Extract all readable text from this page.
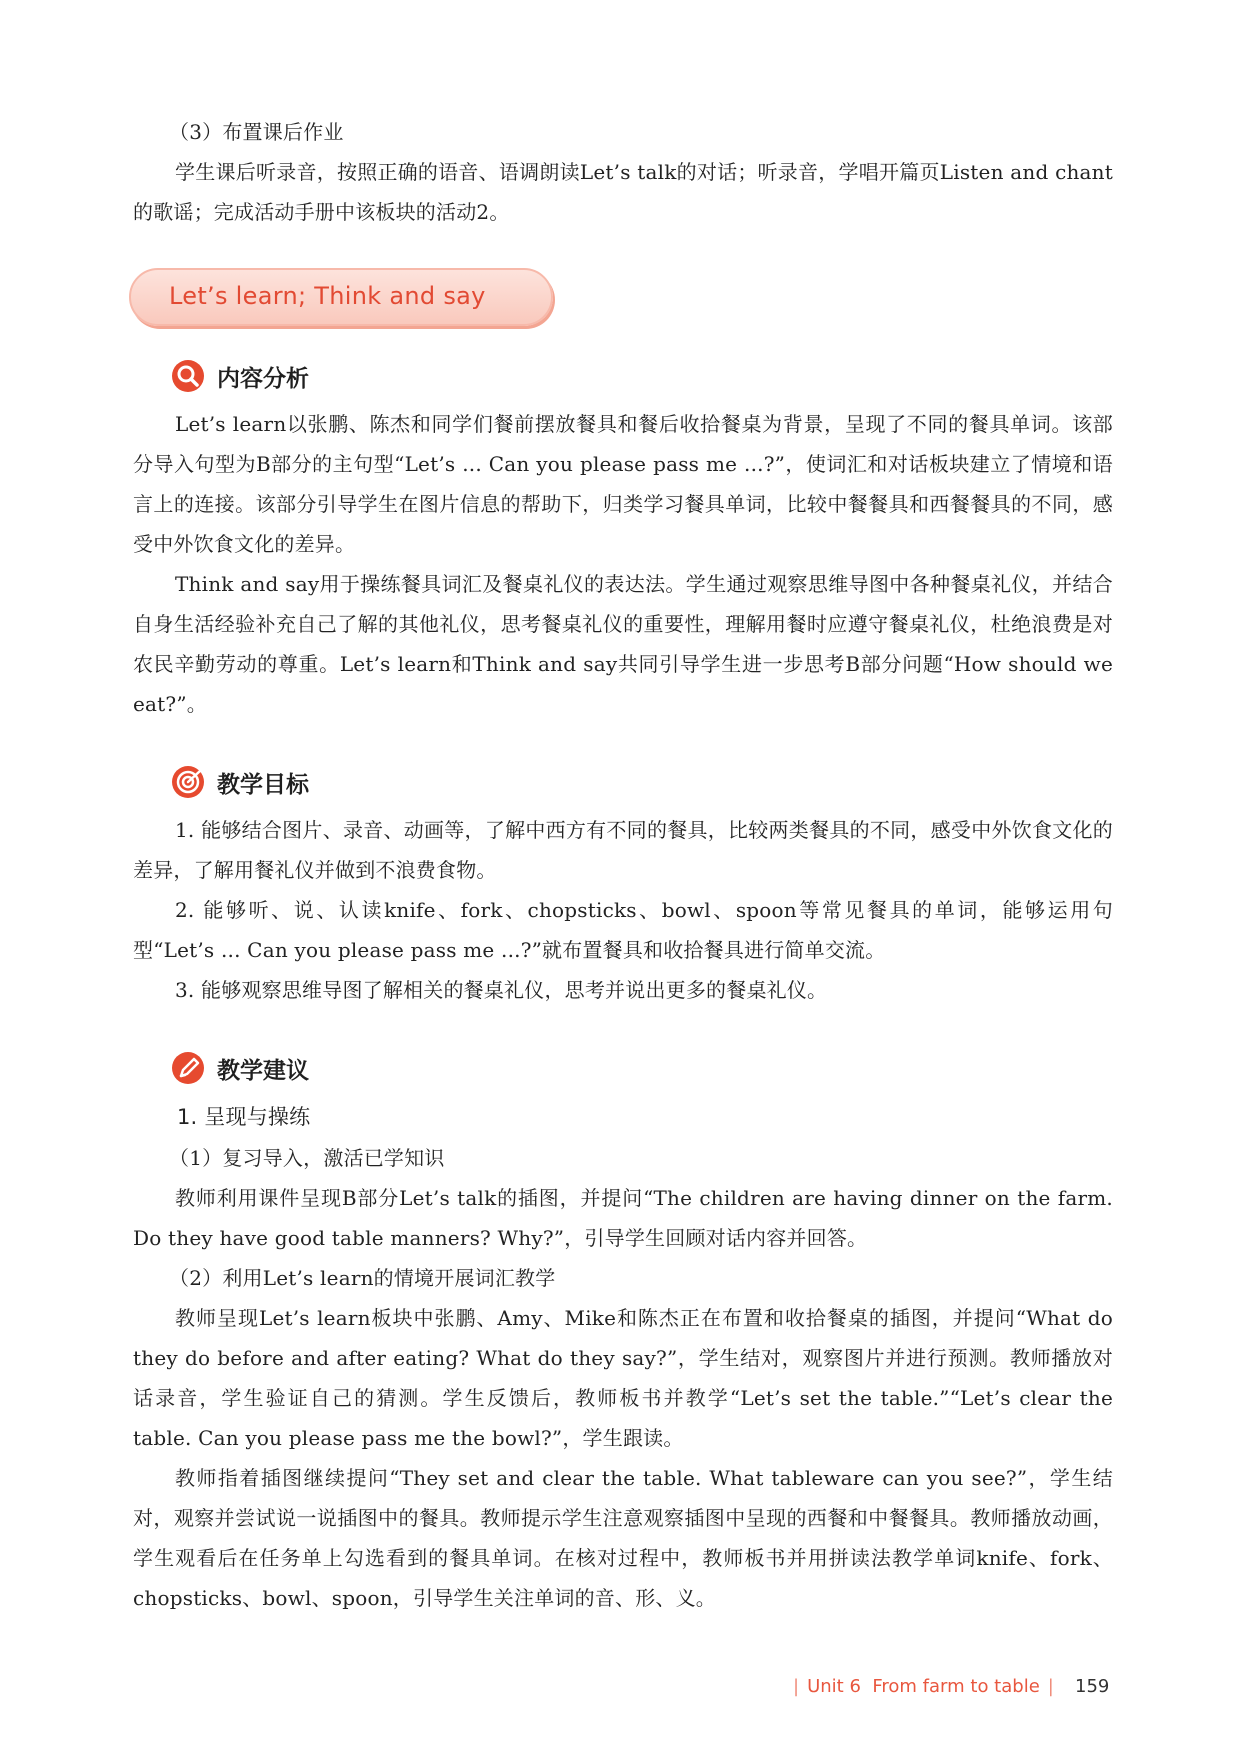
（3）布置课后作业

学生课后听录音，按照正确的语音、语调朗读Let’s talk的对话；听录音，学唱开篇页Listen and chant的歌谣；完成活动手册中该板块的活动2。

Let’s learn; Think and say
内容分析

Let’s learn以张鹏、陈杰和同学们餐前摆放餐具和餐后收拾餐桌为背景，呈现了不同的餐具单词。该部分导入句型为B部分的主句型“Let’s ... Can you please pass me ...?”，使词汇和对话板块建立了情境和语言上的连接。该部分引导学生在图片信息的帮助下，归类学习餐具单词，比较中餐餐具和西餐餐具的不同，感受中外饮食文化的差异。

Think and say用于操练餐具词汇及餐桌礼仪的表达法。学生通过观察思维导图中各种餐桌礼仪，并结合自身生活经验补充自己了解的其他礼仪，思考餐桌礼仪的重要性，理解用餐时应遵守餐桌礼仪，杜绝浪费是对农民辛勤劳动的尊重。Let’s learn和Think and say共同引导学生进一步思考B部分问题“How should we eat?”。

教学目标

1. 能够结合图片、录音、动画等，了解中西方有不同的餐具，比较两类餐具的不同，感受中外饮食文化的差异，了解用餐礼仪并做到不浪费食物。

2. 能够听、说、认读knife、fork、chopsticks、bowl、spoon等常见餐具的单词，能够运用句型“Let’s ... Can you please pass me ...?”就布置餐具和收拾餐具进行简单交流。

3. 能够观察思维导图了解相关的餐桌礼仪，思考并说出更多的餐桌礼仪。

教学建议

1. 呈现与操练

（1）复习导入，激活已学知识

教师利用课件呈现B部分Let’s talk的插图，并提问“The children are having dinner on the farm. Do they have good table manners? Why?”，引导学生回顾对话内容并回答。

（2）利用Let’s learn的情境开展词汇教学

教师呈现Let’s learn板块中张鹏、Amy、Mike和陈杰正在布置和收拾餐桌的插图，并提问“What do they do before and after eating? What do they say?”，学生结对，观察图片并进行预测。教师播放对话录音，学生验证自己的猜测。学生反馈后，教师板书并教学“Let’s set the table.”“Let’s clear the table. Can you please pass me the bowl?”，学生跟读。

教师指着插图继续提问“They set and clear the table. What tableware can you see?”，学生结对，观察并尝试说一说插图中的餐具。教师提示学生注意观察插图中呈现的西餐和中餐餐具。教师播放动画，学生观看后在任务单上勾选看到的餐具单词。在核对过程中，教师板书并用拼读法教学单词knife、fork、chopsticks、bowl、spoon，引导学生关注单词的音、形、义。

| Unit 6 From farm to table |	159
